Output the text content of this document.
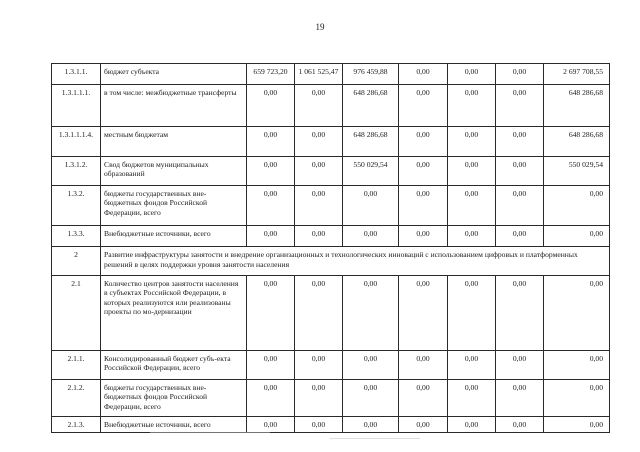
19
1.3.1.1.	бюджет субъекта	659 723,20	1 061 525,47	976 459,88	0,00	0,00	0,00	2 697 708,55
1.3.1.1.1.	в том числе: межбюджетные трансферты	0,00	0,00	648 286,68	0,00	0,00	0,00	648 286,68
1.3.1.1.1.4.	местным бюджетам	0,00	0,00	648 286,68	0,00	0,00	0,00	648 286,68
1.3.1.2.	Свод бюджетов муниципальных образований	0,00	0,00	550 029,54	0,00	0,00	0,00	550 029,54
1.3.2.	бюджеты государственных вне-бюджетных фондов Российской Федерации, всего	0,00	0,00	0,00	0,00	0,00	0,00	0,00
1.3.3.	Внебюджетные источники, всего	0,00	0,00	0,00	0,00	0,00	0,00	0,00
2	Развитие инфраструктуры занятости и внедрение организационных и технологических инноваций с использованием цифровых и платформенных решений в целях поддержки уровня занятости населения							
2.1	Количество центров занятости населения в субъектах Российской Федерации, в которых реализуются или реализованы проекты по мо-дернизации	0,00	0,00	0,00	0,00	0,00	0,00	0,00
2.1.1.	Консолидированный бюджет субъ-екта Российской Федерации, всего	0,00	0,00	0,00	0,00	0,00	0,00	0,00
2.1.2.	бюджеты государственных вне-бюджетных фондов Российской Федерации, всего	0,00	0,00	0,00	0,00	0,00	0,00	0,00
2.1.3.	Внебюджетные источники, всего	0,00	0,00	0,00	0,00	0,00	0,00	0,00
